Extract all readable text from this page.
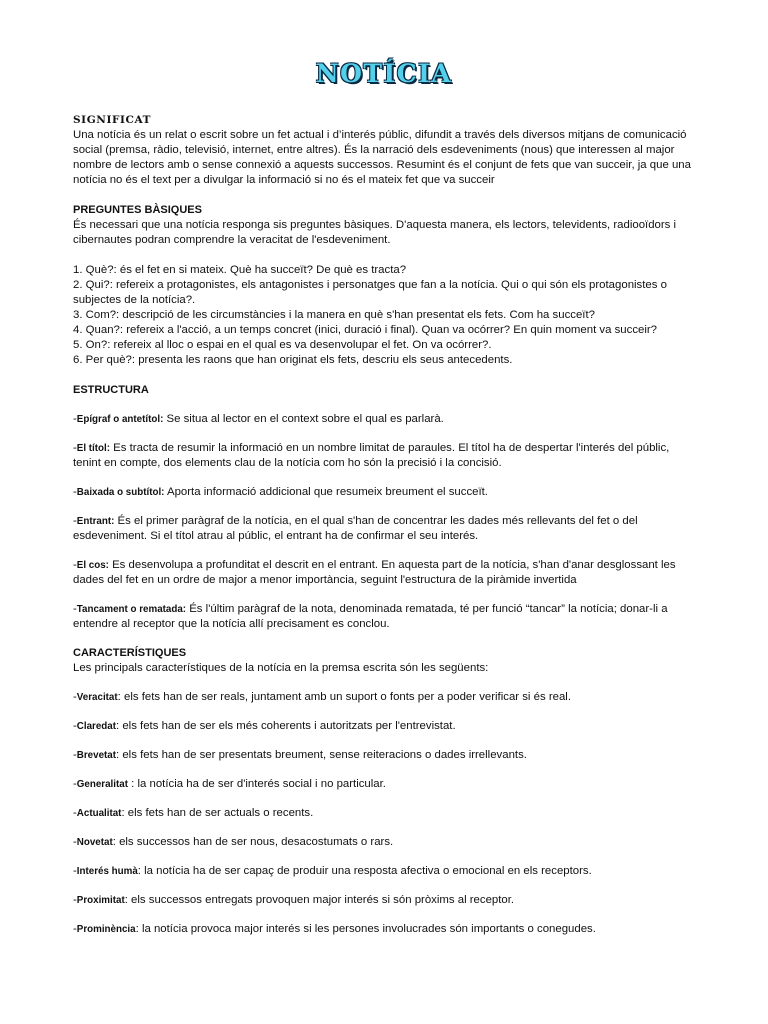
NOTÍCIA

SIGNIFICAT

Una notícia és un relat o escrit sobre un fet actual i d’interés públic, difundit a través dels diversos mitjans de comunicació social (premsa, ràdio, televisió, internet, entre altres). És la narració dels esdeveniments (nous) que interessen al major nombre de lectors amb o sense connexió a aquests successos. Resumint és el conjunt de fets que van succeir, ja que una notícia no és el text per a divulgar la informació si no és el mateix fet que va succeir

PREGUNTES BÀSIQUES

És necessari que una notícia responga sis preguntes bàsiques. D'aquesta manera, els lectors, televidents, radiooïdors i cibernautes podran comprendre la veracitat de l'esdeveniment.

1. Què?: és el fet en si mateix. Què ha succeït? De què es tracta?

2. Qui?: refereix a protagonistes, els antagonistes i personatges que fan a la notícia. Qui o qui són els protagonistes o subjectes de la notícia?.

3. Com?: descripció de les circumstàncies i la manera en què s'han presentat els fets. Com ha succeït?

4. Quan?: refereix a l'acció, a un temps concret (inici, duració i final). Quan va ocórrer? En quin moment va succeir?

5. On?: refereix al lloc o espai en el qual es va desenvolupar el fet. On va ocórrer?.

6. Per què?: presenta les raons que han originat els fets, descriu els seus antecedents.

ESTRUCTURA

-Epígraf o antetítol: Se situa al lector en el context sobre el qual es parlarà.

-El títol: Es tracta de resumir la informació en un nombre limitat de paraules. El títol ha de despertar l'interés del públic, tenint en compte, dos elements clau de la notícia com ho són la precisió i la concisió.

-Baixada o subtítol: Aporta informació addicional que resumeix breument el succeït.

-Entrant: És el primer paràgraf de la notícia, en el qual s'han de concentrar les dades més rellevants del fet o del esdeveniment. Si el títol atrau al públic, el entrant ha de confirmar el seu interés.

-El cos: Es desenvolupa a profunditat el descrit en el entrant. En aquesta part de la notícia, s'han d'anar desglossant les dades del fet en un ordre de major a menor importància, seguint l'estructura de la piràmide invertida

-Tancament o rematada: És l'últim paràgraf de la nota, denominada rematada, té per funció “tancar” la notícia; donar-li a entendre al receptor que la notícia allí precisament es conclou.

CARACTERÍSTIQUES

Les principals característiques de la notícia en la premsa escrita són les següents:

-Veracitat: els fets han de ser reals, juntament amb un suport o fonts per a poder verificar si és real.

-Claredat: els fets han de ser els més coherents i autoritzats per l'entrevistat.

-Brevetat: els fets han de ser presentats breument, sense reiteracions o dades irrellevants.

-Generalitat : la notícia ha de ser d'interés social i no particular.

-Actualitat: els fets han de ser actuals o recents.

-Novetat: els successos han de ser nous, desacostumats o rars.

-Interés humà: la notícia ha de ser capaç de produir una resposta afectiva o emocional en els receptors.

-Proximitat: els successos entregats provoquen major interés si són pròxims al receptor.

-Prominència: la notícia provoca major interés si les persones involucrades són importants o conegudes.
